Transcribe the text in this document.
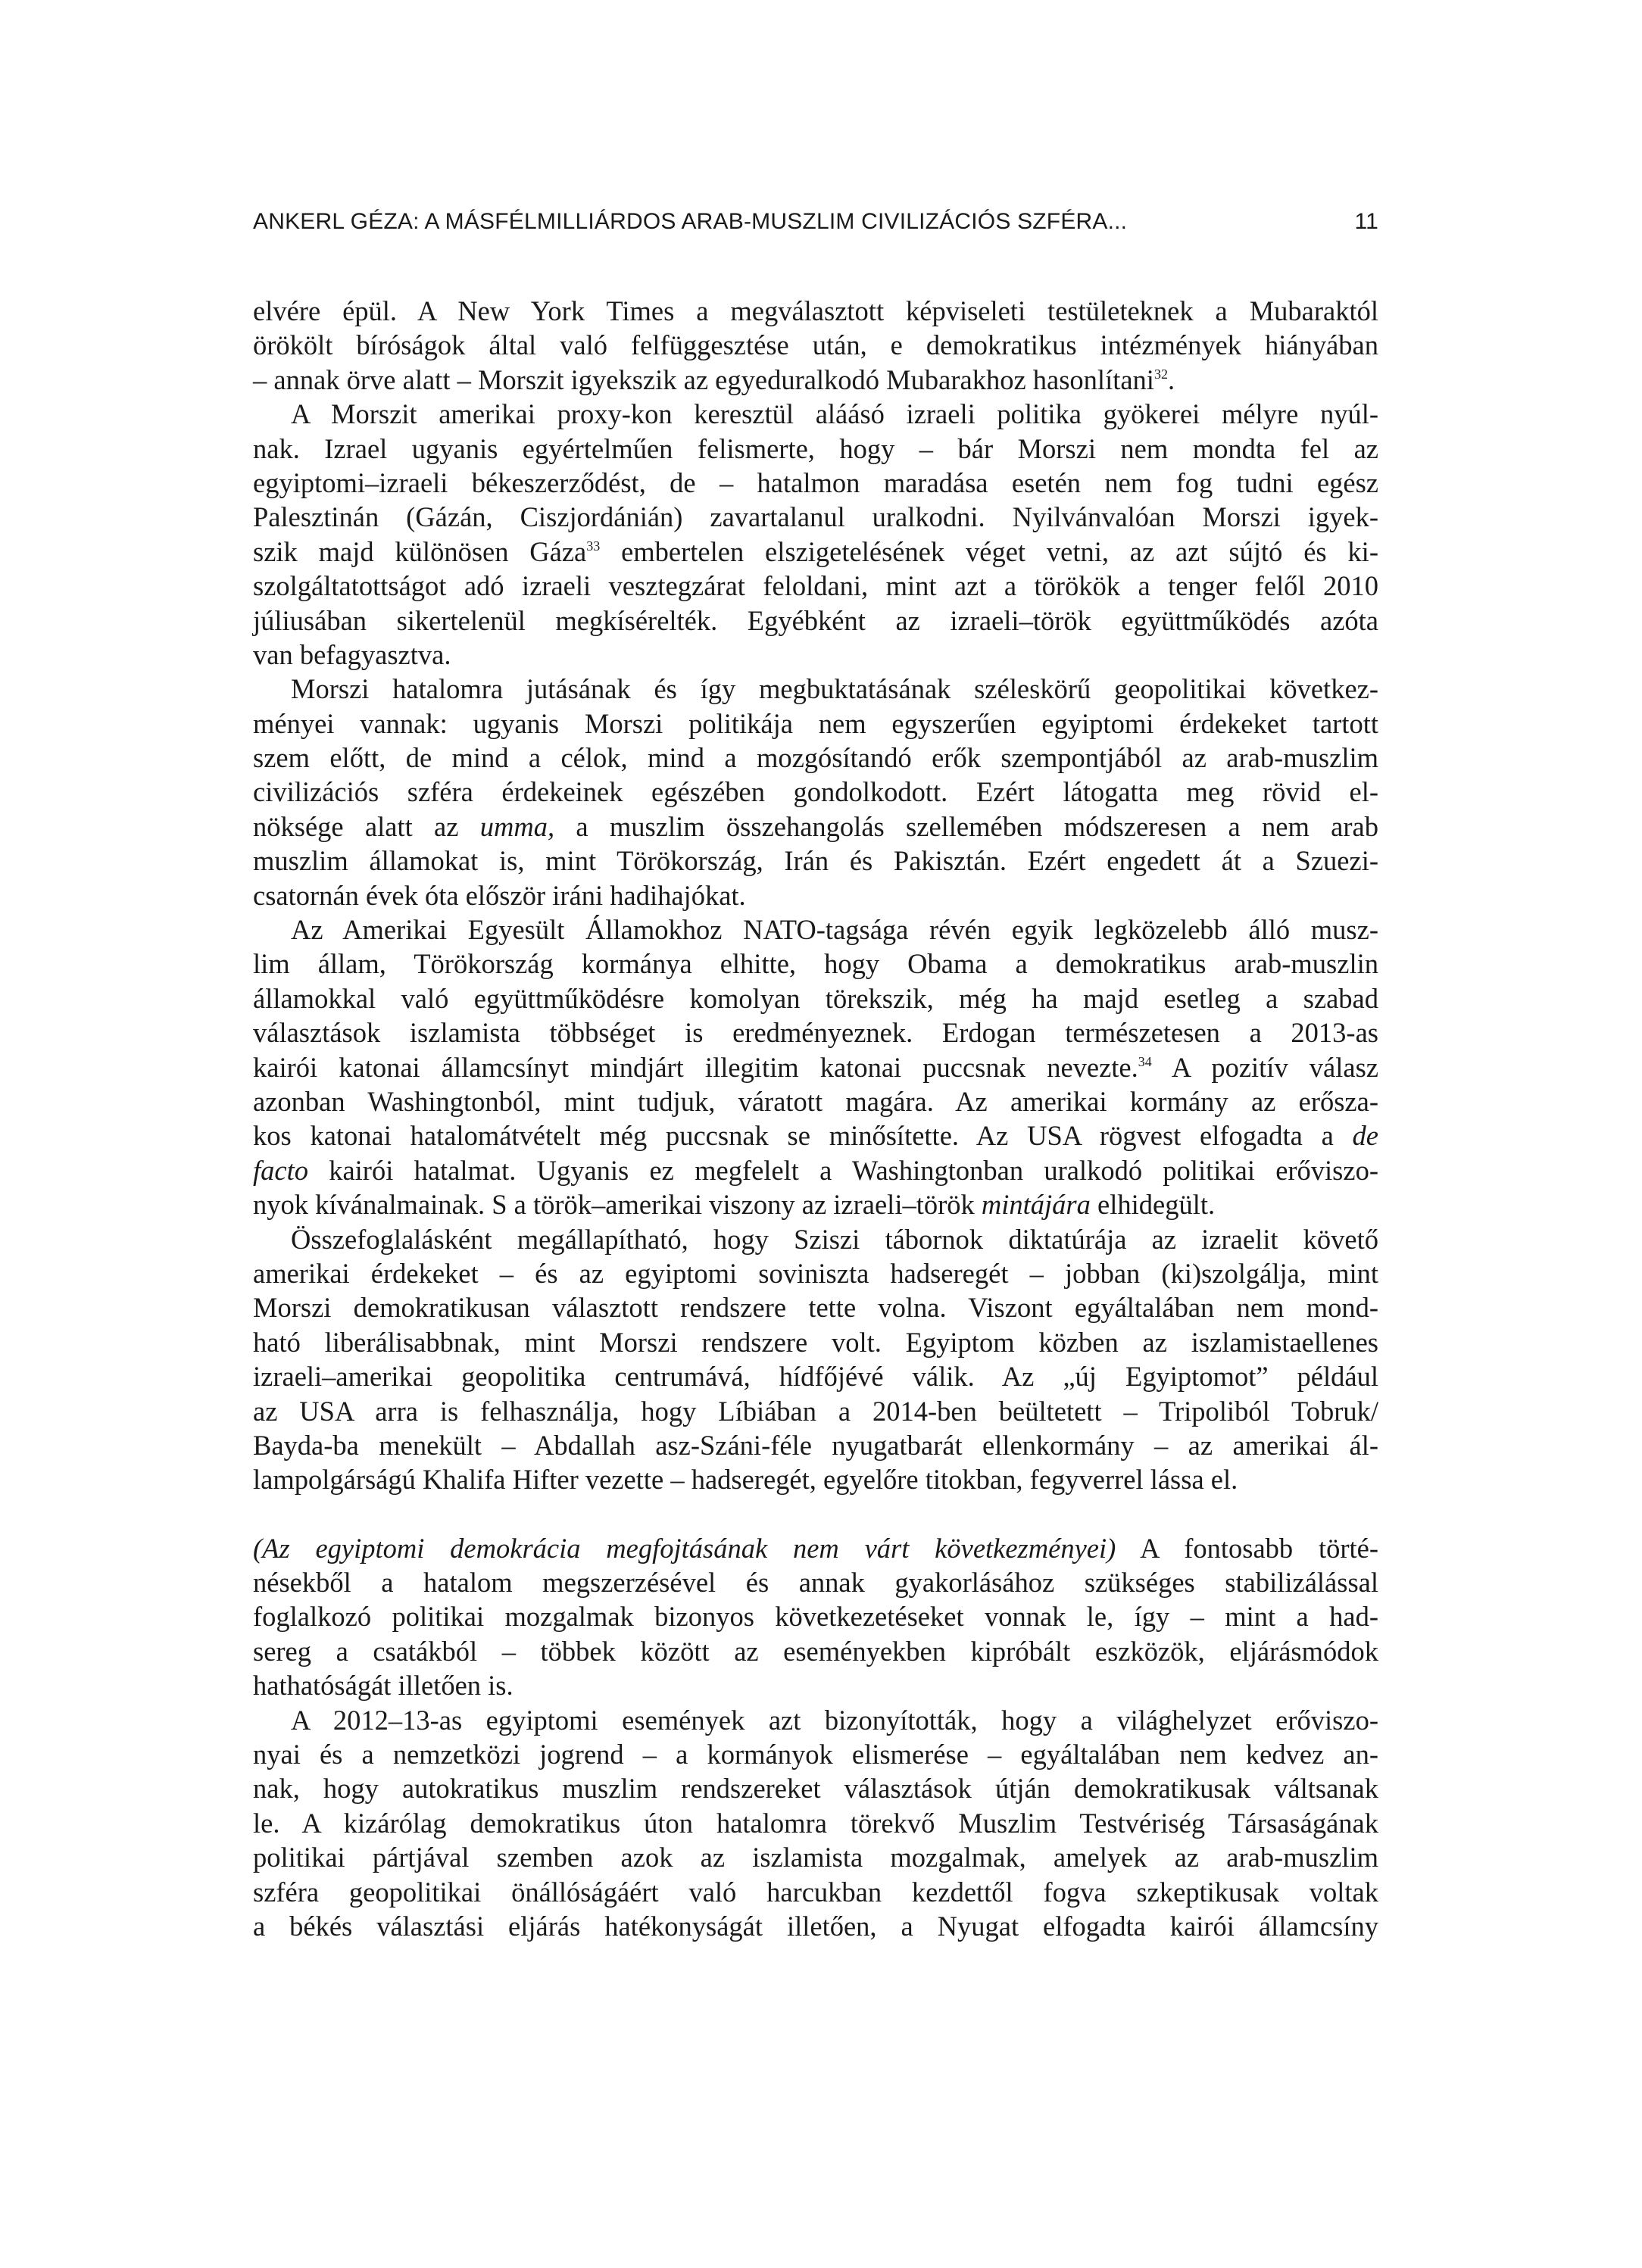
ANKERL GÉZA: A MÁSFÉLMILLIÁRDOS ARAB-MUSZLIM CIVILIZÁCIÓS SZFÉRA...	11
elvére épül. A New York Times a megválasztott képviseleti testületeknek a Mubaraktól
örökölt bíróságok által való felfüggesztése után, e demokratikus intézmények hiányában
– annak örve alatt – Morszit igyekszik az egyeduralkodó Mubarakhoz hasonlítani$^{32}$.
A Morszit amerikai proxy-kon keresztül aláásó izraeli politika gyökerei mélyre nyúl-
nak. Izrael ugyanis egyértelműen felismerte, hogy – bár Morszi nem mondta fel az
egyiptomi–izraeli békeszerződést, de – hatalmon maradása esetén nem fog tudni egész
Palesztinán (Gázán, Ciszjordánián) zavartalanul uralkodni. Nyilvánvalóan Morszi igyek-
szik majd különösen Gáza$^{33}$ embertelen elszigetelésének véget vetni, az azt sújtó és ki-
szolgáltatottságot adó izraeli vesztegzárat feloldani, mint azt a törökök a tenger felől 2010
júliusában sikertelenül megkísérelték. Egyébként az izraeli–török együttműködés azóta
van befagyasztva.
Morszi hatalomra jutásának és így megbuktatásának széleskörű geopolitikai következ-
ményei vannak: ugyanis Morszi politikája nem egyszerűen egyiptomi érdekeket tartott
szem előtt, de mind a célok, mind a mozgósítandó erők szempontjából az arab-muszlim
civilizációs szféra érdekeinek egészében gondolkodott. Ezért látogatta meg rövid el-
nöksége alatt az umma, a muszlim összehangolás szellemében módszeresen a nem arab
muszlim államokat is, mint Törökország, Irán és Pakisztán. Ezért engedett át a Szuezi-
csatornán évek óta először iráni hadihajókat.
Az Amerikai Egyesült Államokhoz NATO-tagsága révén egyik legközelebb álló musz-
lim állam, Törökország kormánya elhitte, hogy Obama a demokratikus arab-muszlin
államokkal való együttműködésre komolyan törekszik, még ha majd esetleg a szabad
választások iszlamista többséget is eredményeznek. Erdogan természetesen a 2013-as
kairói katonai államcsínyt mindjárt illegitim katonai puccsnak nevezte.$^{34}$ A pozitív válasz
azonban Washingtonból, mint tudjuk, váratott magára. Az amerikai kormány az erősza-
kos katonai hatalomátvételt még puccsnak se minősítette. Az USA rögvest elfogadta a de
facto kairói hatalmat. Ugyanis ez megfelelt a Washingtonban uralkodó politikai erőviszo-
nyok kívánalmainak. S a török–amerikai viszony az izraeli–török mintájára elhidegült.
Összefoglalásként megállapítható, hogy Sziszi tábornok diktatúrája az izraelit követő
amerikai érdekeket – és az egyiptomi soviniszta hadseregét – jobban (ki)szolgálja, mint
Morszi demokratikusan választott rendszere tette volna. Viszont egyáltalában nem mond-
ható liberálisabbnak, mint Morszi rendszere volt. Egyiptom közben az iszlamistaellenes
izraeli–amerikai geopolitika centrumává, hídfőjévé válik. Az „új Egyiptomot” például
az USA arra is felhasználja, hogy Líbiában a 2014-ben beültetett – Tripoliból Tobruk/
Bayda-ba menekült – Abdallah asz-Száni-féle nyugatbarát ellenkormány – az amerikai ál-
lampolgárságú Khalifa Hifter vezette – hadseregét, egyelőre titokban, fegyverrel lássa el.
(Az egyiptomi demokrácia megfojtásának nem várt következményei) A fontosabb törté-
nésekből a hatalom megszerzésével és annak gyakorlásához szükséges stabilizálással
foglalkozó politikai mozgalmak bizonyos következetéseket vonnak le, így – mint a had-
sereg a csatákból – többek között az eseményekben kipróbált eszközök, eljárásmódok
hathatóságát illetően is.
A 2012–13-as egyiptomi események azt bizonyították, hogy a világhelyzet erőviszo-
nyai és a nemzetközi jogrend – a kormányok elismerése – egyáltalában nem kedvez an-
nak, hogy autokratikus muszlim rendszereket választások útján demokratikusak váltsanak
le. A kizárólag demokratikus úton hatalomra törekvő Muszlim Testvériség Társaságának
politikai pártjával szemben azok az iszlamista mozgalmak, amelyek az arab-muszlim
szféra geopolitikai önállóságáért való harcukban kezdettől fogva szkeptikusak voltak
a békés választási eljárás hatékonyságát illetően, a Nyugat elfogadta kairói államcsíny
